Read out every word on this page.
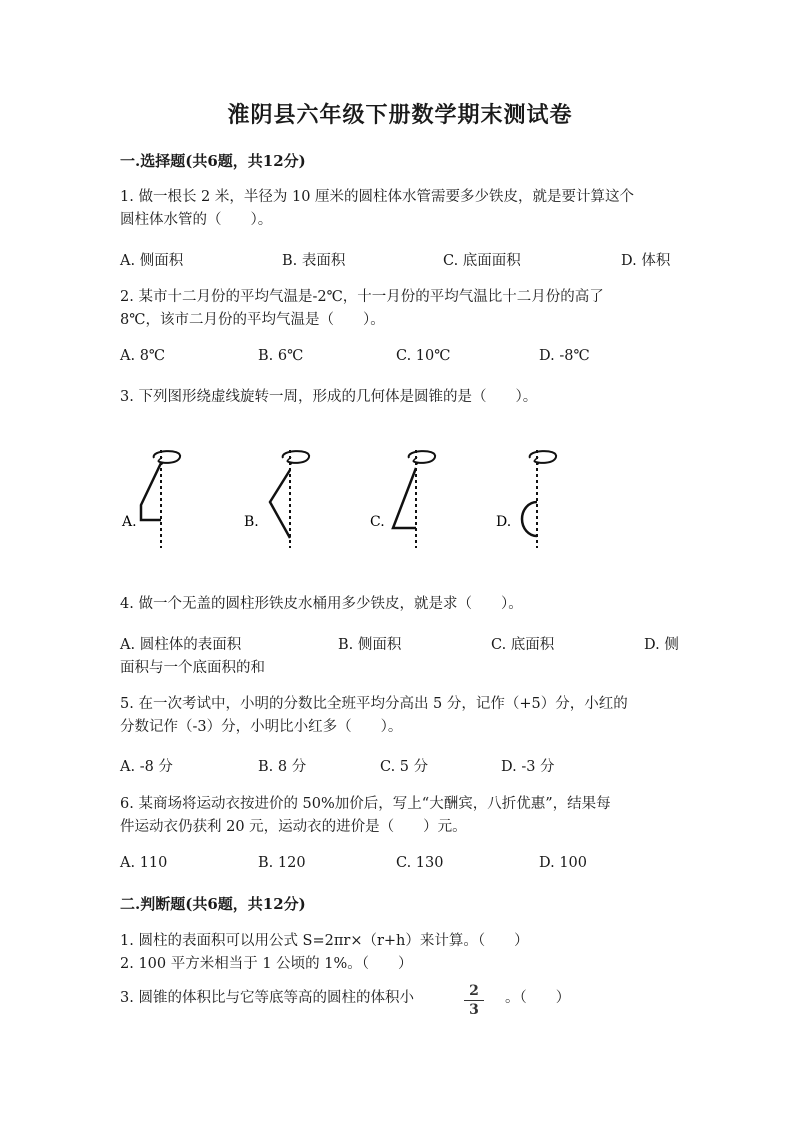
淮阴县六年级下册数学期末测试卷
一.选择题(共6题，共12分)
1. 做一根长 2 米，半径为 10 厘米的圆柱体水管需要多少铁皮，就是要计算这个
圆柱体水管的（　　）。
A. 侧面积	B. 表面积	C. 底面面积	D. 体积
2. 某市十二月份的平均气温是-2℃，十一月份的平均气温比十二月份的高了
8℃，该市二月份的平均气温是（　　）。
A. 8℃	B. 6℃	C. 10℃	D. -8℃
3. 下列图形绕虚线旋转一周，形成的几何体是圆锥的是（　　）。
A.	B.	C.	D.
4. 做一个无盖的圆柱形铁皮水桶用多少铁皮，就是求（　　）。
A. 圆柱体的表面积	B. 侧面积	C. 底面积	D. 侧
面积与一个底面积的和
5. 在一次考试中，小明的分数比全班平均分高出 5 分，记作（+5）分，小红的
分数记作（-3）分，小明比小红多（　　）。
A. -8 分	B. 8 分	C. 5 分	D. -3 分
6. 某商场将运动衣按进价的 50%加价后，写上“大酬宾，八折优惠”，结果每
件运动衣仍获利 20 元，运动衣的进价是（　　）元。
A. 110	B. 120	C. 130	D. 100
二.判断题(共6题，共12分)
1. 圆柱的表面积可以用公式 S=2πr×（r+h）来计算。（　　）
2. 100 平方米相当于 1 公顷的 1%。（　　）
3. 圆锥的体积比与它等底等高的圆柱的体积小	2
3
。（　　）
